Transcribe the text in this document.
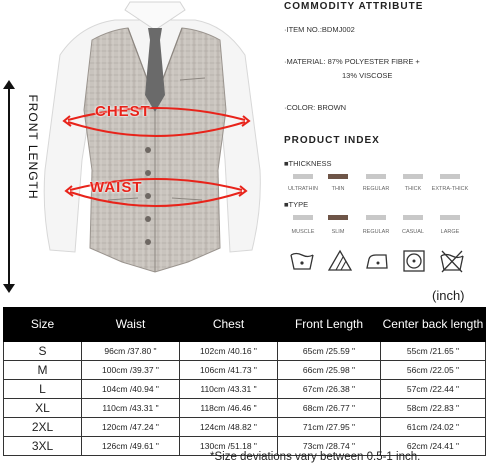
FRONT LENGTH	CHEST
WAIST
COMMODITY ATTRIBUTE
·ITEM NO.:BDMJ002
·MATERIAL: 87% POLYESTER FIBRE +
13% VISCOSE
·COLOR: BROWN
PRODUCT INDEX
■THICKNESS
ULTRATHIN	THIN	REGULAR	THICK	EXTRA-THICK
■TYPE
MUSCLE	SLIM	REGULAR	CASUAL	LARGE
(inch)
Size	Waist	Chest	Front Length	Center back length
S	96cm /37.80 "	102cm /40.16 "	65cm /25.59 "	55cm /21.65 "
M	100cm /39.37 "	106cm /41.73 "	66cm /25.98 "	56cm /22.05 "
L	104cm /40.94 "	110cm /43.31 "	67cm /26.38 "	57cm /22.44 "
XL	110cm /43.31 "	118cm /46.46 "	68cm /26.77 "	58cm /22.83 "
2XL	120cm /47.24 "	124cm /48.82 "	71cm /27.95 "	61cm /24.02 "
3XL	126cm /49.61 "	130cm /51.18 "	73cm /28.74 "	62cm /24.41 "
*Size deviations vary between 0.5-1 inch.
